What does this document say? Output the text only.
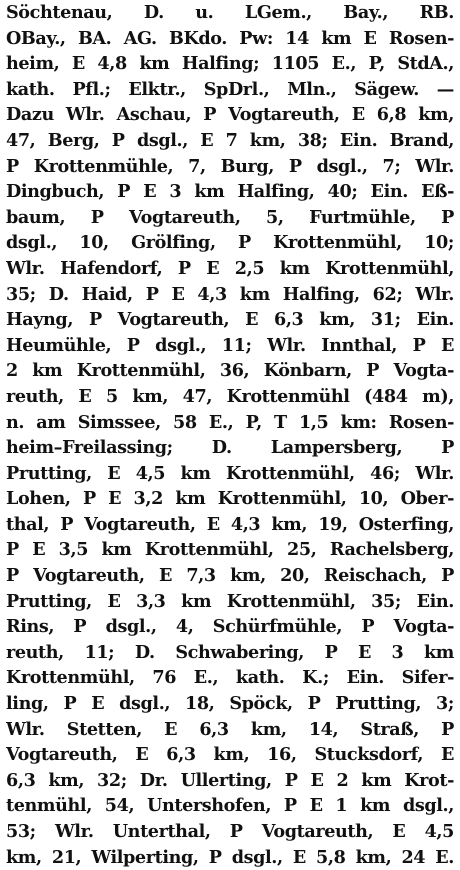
Söchtenau, D. u. LGem., Bay., RB.
OBay., BA. AG. BKdo. Pw: 14 km E Rosen-
heim, E 4,8 km Halfing; 1105 E., P, StdA.,
kath. Pfl.; Elktr., SpDrl., Mln., Sägew. —
Dazu Wlr. Aschau, P Vogtareuth, E 6,8 km,
47, Berg, P dsgl., E 7 km, 38; Ein. Brand,
P Krottenmühle, 7, Burg, P dsgl., 7; Wlr.
Dingbuch, P E 3 km Halfing, 40; Ein. Eß-
baum, P Vogtareuth, 5, Furtmühle, P
dsgl., 10, Grölfing, P Krottenmühl, 10;
Wlr. Hafendorf, P E 2,5 km Krottenmühl,
35; D. Haid, P E 4,3 km Halfing, 62; Wlr.
Hayng, P Vogtareuth, E 6,3 km, 31; Ein.
Heumühle, P dsgl., 11; Wlr. Innthal, P E
2 km Krottenmühl, 36, Könbarn, P Vogta-
reuth, E 5 km, 47, Krottenmühl (484 m),
n. am Simssee, 58 E., P, T 1,5 km: Rosen-
heim–Freilassing; D. Lampersberg, P
Prutting, E 4,5 km Krottenmühl, 46; Wlr.
Lohen, P E 3,2 km Krottenmühl, 10, Ober-
thal, P Vogtareuth, E 4,3 km, 19, Osterfing,
P E 3,5 km Krottenmühl, 25, Rachelsberg,
P Vogtareuth, E 7,3 km, 20, Reischach, P
Prutting, E 3,3 km Krottenmühl, 35; Ein.
Rins, P dsgl., 4, Schürfmühle, P Vogta-
reuth, 11; D. Schwabering, P E 3 km
Krottenmühl, 76 E., kath. K.; Ein. Sifer-
ling, P E dsgl., 18, Spöck, P Prutting, 3;
Wlr. Stetten, E 6,3 km, 14, Straß, P
Vogtareuth, E 6,3 km, 16, Stucksdorf, E
6,3 km, 32; Dr. Ullerting, P E 2 km Krot-
tenmühl, 54, Untershofen, P E 1 km dsgl.,
53; Wlr. Unterthal, P Vogtareuth, E 4,5
km, 21, Wilperting, P dsgl., E 5,8 km, 24 E.
